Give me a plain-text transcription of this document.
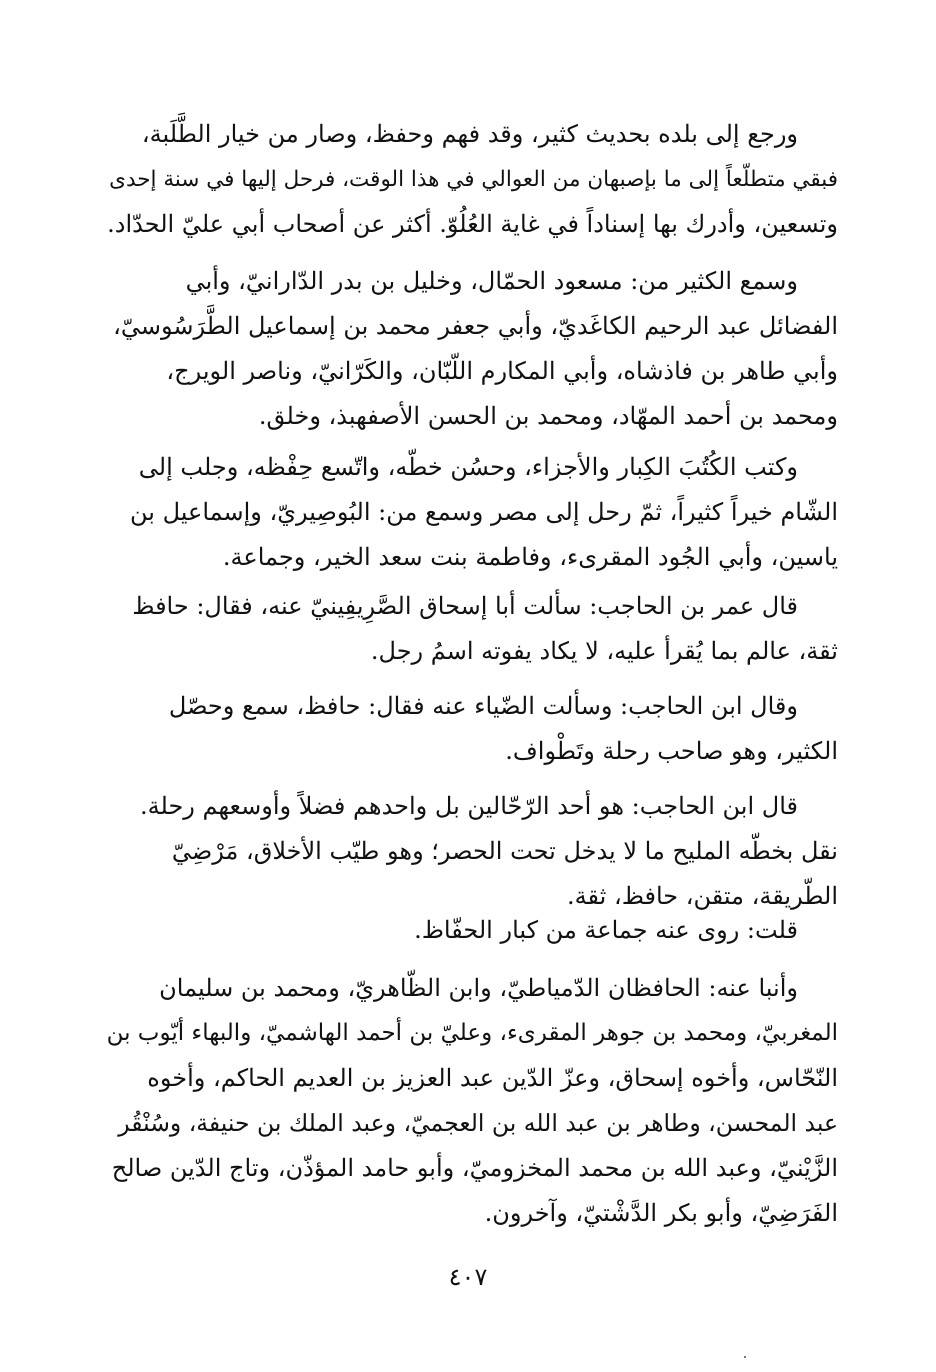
ورجع إلى بلده بحديث كثير، وقد فهم وحفظ، وصار من خيار الطَّلَبة،
فبقي متطلّعاً إلى ما بإصبهان من العوالي في هذا الوقت، فرحل إليها في سنة إحدى
وتسعين، وأدرك بها إسناداً في غاية العُلُوّ. أكثر عن أصحاب أبي عليّ الحدّاد.
وسمع الكثير من: مسعود الحمّال، وخليل بن بدر الدّارانيّ، وأبي
الفضائل عبد الرحيم الكاغَديّ، وأبي جعفر محمد بن إسماعيل الطَّرَسُوسيّ،
وأبي طاهر بن فاذشاه، وأبي المكارم اللّبّان، والكَرّانيّ، وناصر الويرج،
ومحمد بن أحمد المهّاد، ومحمد بن الحسن الأصفهبذ، وخلق.
وكتب الكُتُبَ الكِبار والأجزاء، وحسُن خطّه، واتّسع حِفْظه، وجلب إلى
الشّام خيراً كثيراً، ثمّ رحل إلى مصر وسمع من: البُوصِيريّ، وإسماعيل بن
ياسين، وأبي الجُود المقرىء، وفاطمة بنت سعد الخير، وجماعة.
قال عمر بن الحاجب: سألت أبا إسحاق الصَّرِيفِينيّ عنه، فقال: حافظ
ثقة، عالم بما يُقرأ عليه، لا يكاد يفوته اسمُ رجل.
وقال ابن الحاجب: وسألت الضّياء عنه فقال: حافظ، سمع وحصّل
الكثير، وهو صاحب رحلة وتَطْواف.
قال ابن الحاجب: هو أحد الرّحّالين بل واحدهم فضلاً وأوسعهم رحلة.
نقل بخطّه المليح ما لا يدخل تحت الحصر؛ وهو طيّب الأخلاق، مَرْضِيّ
الطّريقة، متقن، حافظ، ثقة.
قلت: روى عنه جماعة من كبار الحفّاظ.
وأنبا عنه: الحافظان الدّمياطيّ، وابن الظّاهريّ، ومحمد بن سليمان
المغربيّ، ومحمد بن جوهر المقرىء، وعليّ بن أحمد الهاشميّ، والبهاء أيّوب بن
النّحّاس، وأخوه إسحاق، وعزّ الدّين عبد العزيز بن العديم الحاكم، وأخوه
عبد المحسن، وطاهر بن عبد الله بن العجميّ، وعبد الملك بن حنيفة، وسُنْقُر
الزَّيْنيّ، وعبد الله بن محمد المخزوميّ، وأبو حامد المؤذّن، وتاج الدّين صالح
الفَرَضِيّ، وأبو بكر الدَّشْتيّ، وآخرون.
٤٠٧
